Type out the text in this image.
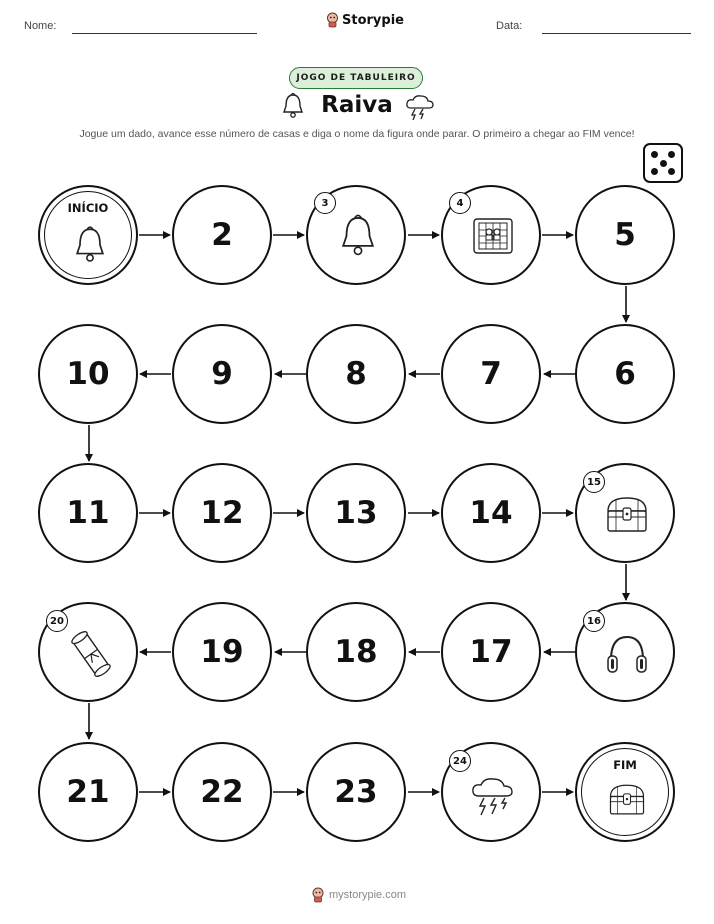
Nome:	Storypie	Data:
JOGO DE TABULEIRO
Raiva
Jogue um dado, avance esse número de casas e diga o nome da figura onde parar. O primeiro a chegar ao FIM vence!
INÍCIO
2
3	4
5
10	9	8	7	6
11	12	13	14
15
20
19	18	17
16
21	22	23
24	FIM
mystorypie.com
